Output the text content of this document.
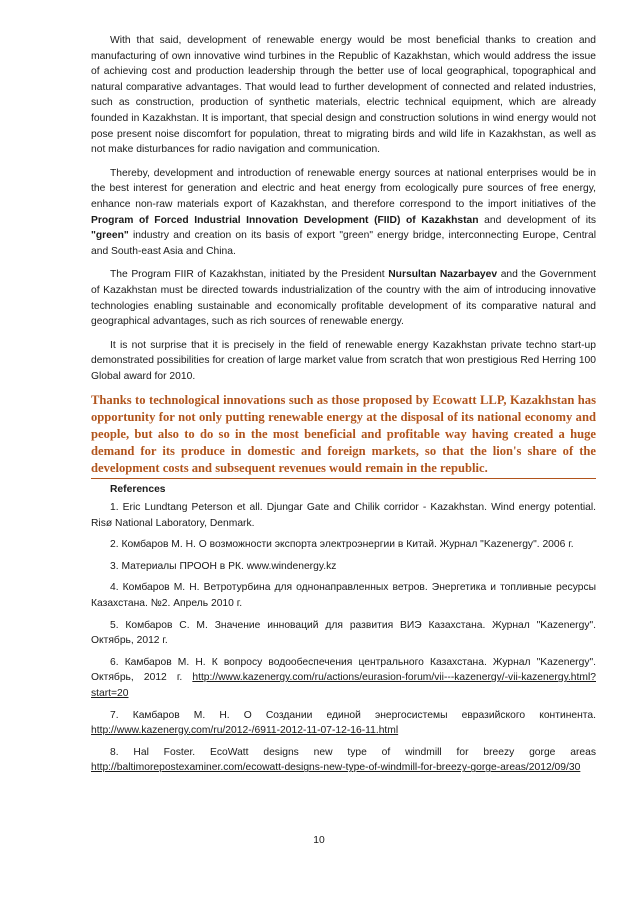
With that said, development of renewable energy would be most beneficial thanks to creation and manufacturing of own innovative wind turbines in the Republic of Kazakhstan, which would address the issue of achieving cost and production leadership through the better use of local geographical, topographical and natural comparative advantages. That would lead to further development of connected and related industries, such as construction, production of synthetic materials, electric technical equipment, which are already founded in Kazakhstan. It is important, that special design and construction solutions in wind energy would not pose present noise discomfort for population, threat to migrating birds and wild life in Kazakhstan, as well as not make disturbances for radio navigation and communication.

Thereby, development and introduction of renewable energy sources at national enterprises would be in the best interest for generation and electric and heat energy from ecologically pure sources of free energy, enhance non-raw materials export of Kazakhstan, and therefore correspond to the import initiatives of the Program of Forced Industrial Innovation Development (FIID) of Kazakhstan and development of its "green" industry and creation on its basis of export "green" energy bridge, interconnecting Europe, Central and South-east Asia and China.

The Program FIIR of Kazakhstan, initiated by the President Nursultan Nazarbayev and the Government of Kazakhstan must be directed towards industrialization of the country with the aim of introducing innovative technologies enabling sustainable and economically profitable development of its comparative natural and geographical advantages, such as rich sources of renewable energy.

It is not surprise that it is precisely in the field of renewable energy Kazakhstan private techno start-up demonstrated possibilities for creation of large market value from scratch that won prestigious Red Herring 100 Global award for 2010.

Thanks to technological innovations such as those proposed by Ecowatt LLP, Kazakhstan has opportunity for not only putting renewable energy at the disposal of its national economy and people, but also to do so in the most beneficial and profitable way having created a huge demand for its produce in domestic and foreign markets, so that the lion's share of the development costs and subsequent revenues would remain in the republic.
References
1. Eric Lundtang Peterson et all. Djungar Gate and Chilik corridor - Kazakhstan. Wind energy potential. Risø National Laboratory, Denmark.
2. Комбаров М. Н. О возможности экспорта электроэнергии в Китай. Журнал "Kazenergy". 2006 г.
3. Материалы ПРООН в РК. www.windenergy.kz
4. Комбаров М. Н. Ветротурбина для однонаправленных ветров. Энергетика и топливные ресурсы Казахстана. №2. Апрель 2010 г.
5. Комбаров С. М. Значение инноваций для развития ВИЭ Казахстана. Журнал "Kazenergy". Октябрь, 2012 г.
6. Камбаров М. Н. К вопросу водообеспечения центрального Казахстана. Журнал "Kazenergy". Октябрь, 2012 г. http://www.kazenergy.com/ru/actions/eurasion-forum/vii---kazenergy/-vii-kazenergy.html?start=20
7. Камбаров М. Н. О Создании единой энергосистемы евразийского континента. http://www.kazenergy.com/ru/2012-/6911-2012-11-07-12-16-11.html
8. Hal Foster. EcoWatt designs new type of windmill for breezy gorge areas http://baltimorepostexaminer.com/ecowatt-designs-new-type-of-windmill-for-breezy-gorge-areas/2012/09/30
10
